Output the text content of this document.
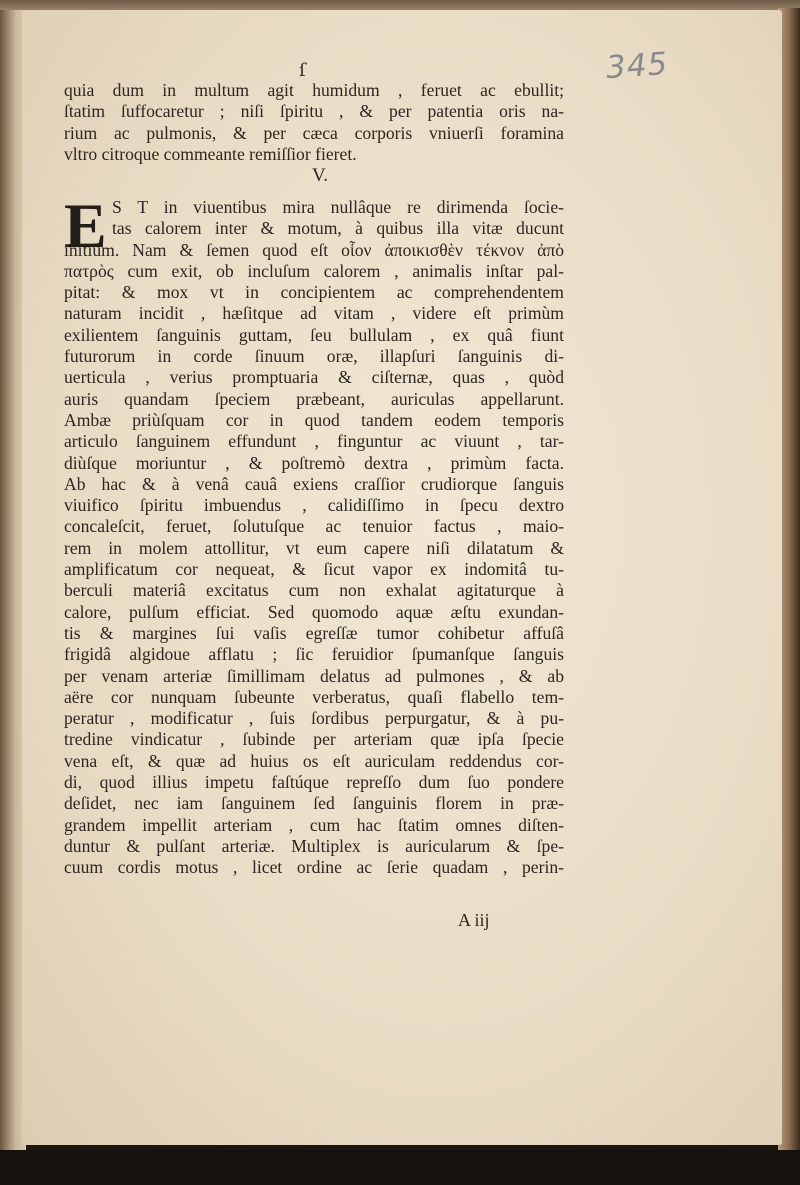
345
ſ
quia dum in multum agit humidum , feruet ac ebullit;
ſtatim ſuffocaretur ; niſi ſpiritu , & per patentia oris na-
rium ac pulmonis, & per cæca corporis vniuerſi foramina
vltro citroque commeante remiſſior fieret.
V.
E S T in viuentibus mira nullâque re dirimenda ſocie-
tas calorem inter & motum, à quibus illa vitæ ducunt
initium. Nam & ſemen quod eſt οἷον ἀποικισθὲν τέκνον ἀπὸ
πατρὸς cum exit, ob incluſum calorem , animalis inſtar pal-
pitat: & mox vt in concipientem ac comprehendentem
naturam incidit , hæſitque ad vitam , videre eſt primùm
exilientem ſanguinis guttam, ſeu bullulam , ex quâ fiunt
futurorum in corde ſinuum oræ, illapſuri ſanguinis di-
uerticula , verius promptuaria & ciſternæ, quas , quòd
auris quandam ſpeciem præbeant, auriculas appellarunt.
Ambæ priùſquam cor in quod tandem eodem temporis
articulo ſanguinem effundunt , finguntur ac viuunt , tar-
diùſque moriuntur , & poſtremò dextra , primùm facta.
Ab hac & à venâ cauâ exiens craſſior crudiorque ſanguis
viuifico ſpiritu imbuendus , calidiſſimo in ſpecu dextro
concaleſcit, feruet, ſolutuſque ac tenuior factus , maio-
rem in molem attollitur, vt eum capere niſi dilatatum &
amplificatum cor nequeat, & ſicut vapor ex indomitâ tu-
berculi materiâ excitatus cum non exhalat agitaturque à
calore, pulſum efficiat. Sed quomodo aquæ æſtu exundan-
tis & margines ſui vaſis egreſſæ tumor cohibetur affuſâ
frigidâ algidoue afflatu ; ſic feruidior ſpumanſque ſanguis
per venam arteriæ ſimillimam delatus ad pulmones , & ab
aëre cor nunquam ſubeunte verberatus, quaſi flabello tem-
peratur , modificatur , ſuis ſordibus perpurgatur, & à pu-
tredine vindicatur , ſubinde per arteriam quæ ipſa ſpecie
vena eſt, & quæ ad huius os eſt auriculam reddendus cor-
di, quod illius impetu faſtúque repreſſo dum ſuo pondere
deſidet, nec iam ſanguinem ſed ſanguinis florem in præ-
grandem impellit arteriam , cum hac ſtatim omnes diſten-
duntur & pulſant arteriæ. Multiplex is auricularum & ſpe-
cuum cordis motus , licet ordine ac ſerie quadam , perin-
A iij
